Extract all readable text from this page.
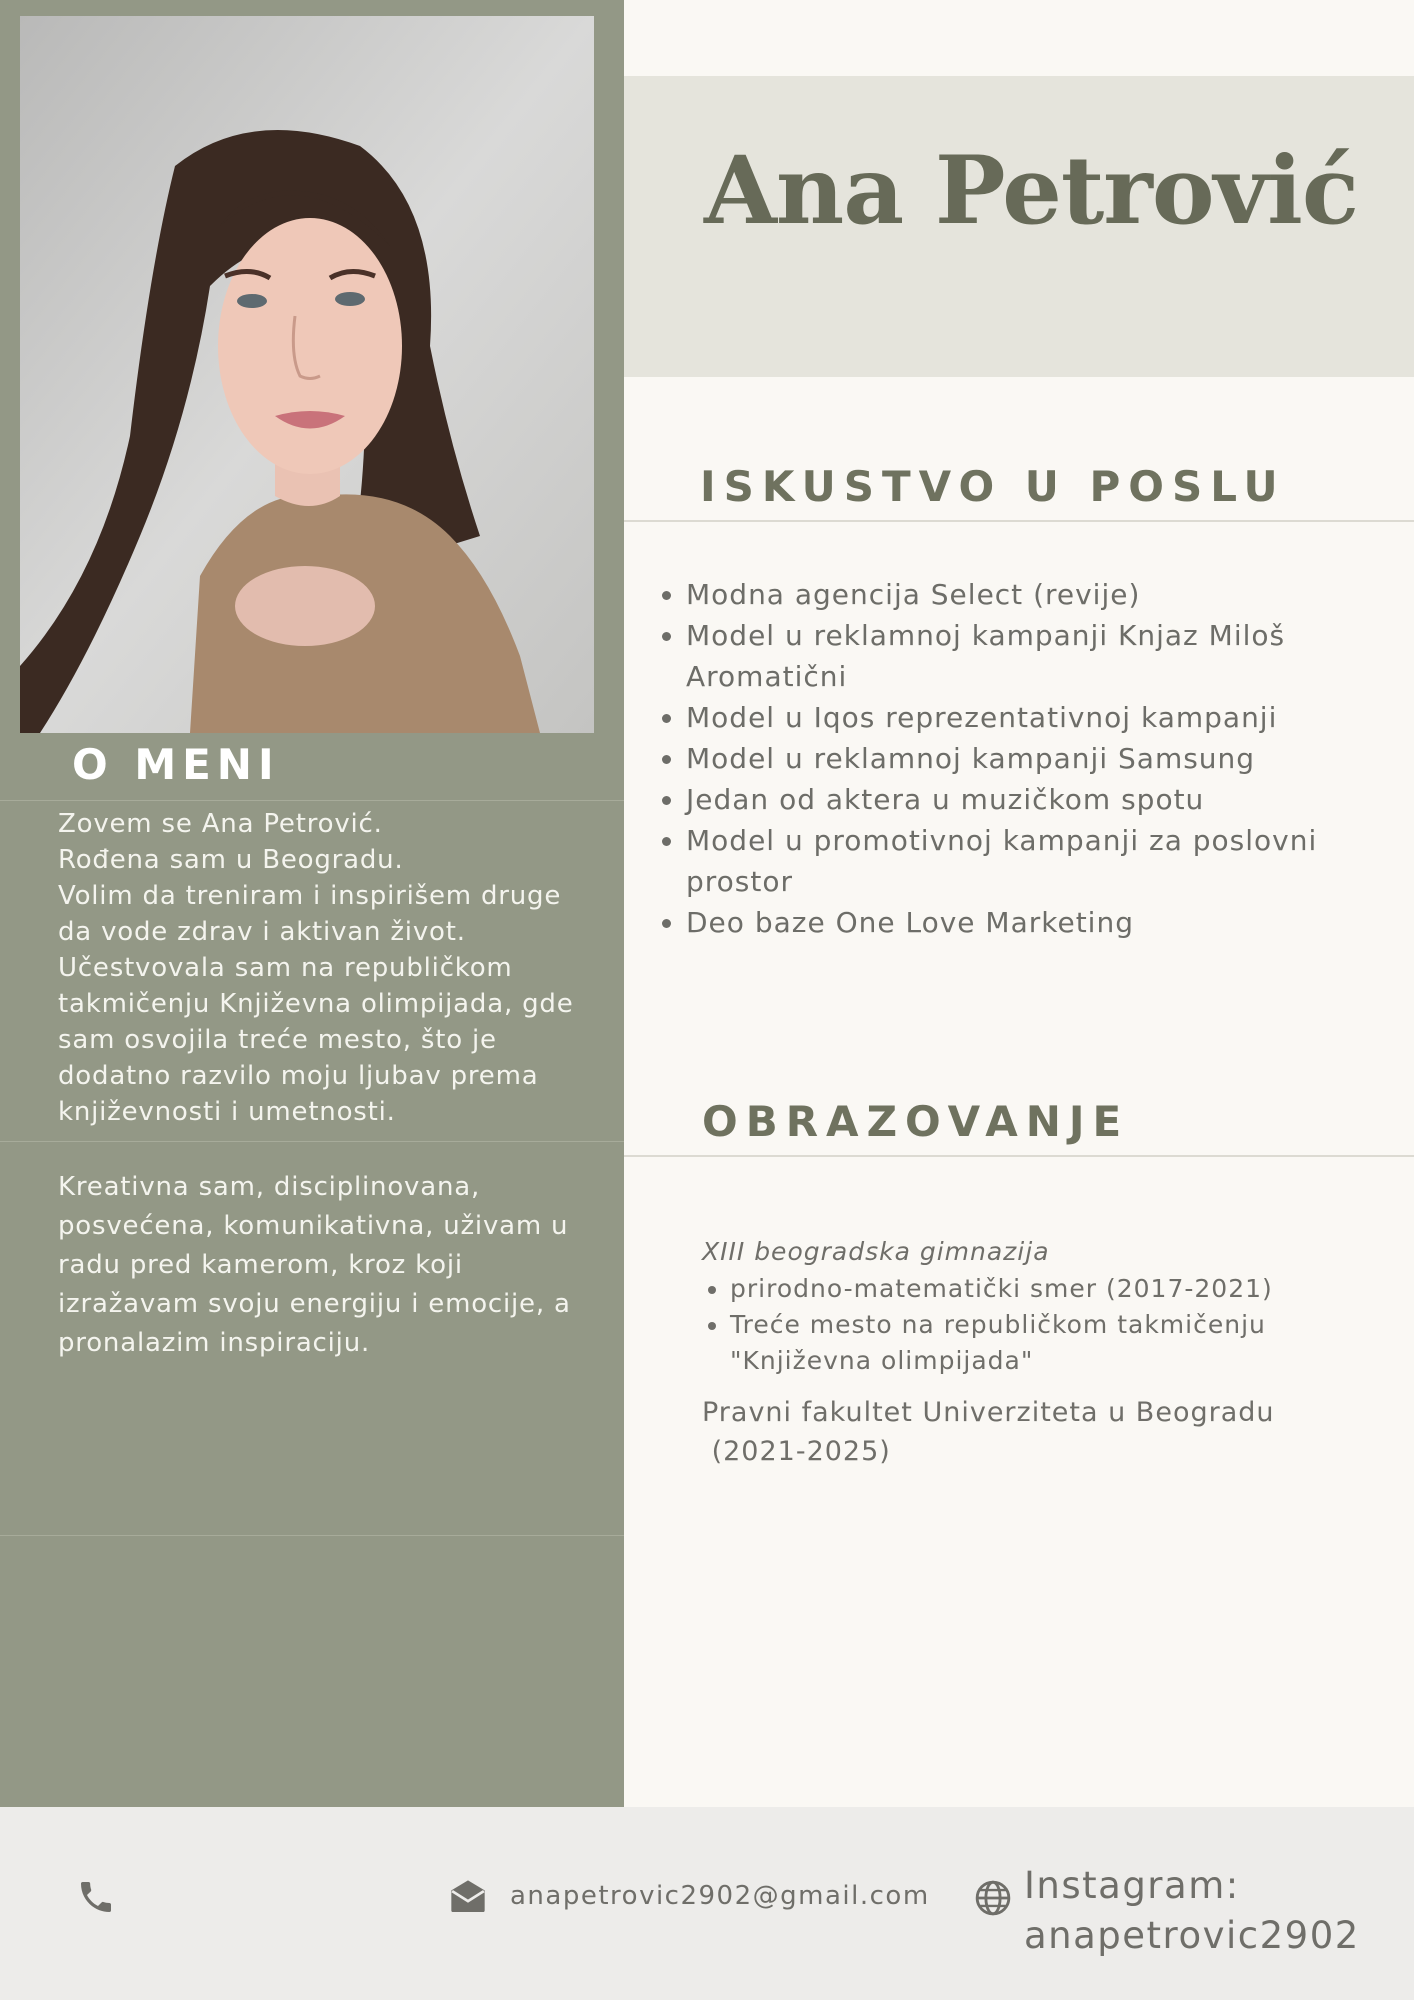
O MENI

Zovem se Ana Petrović.

Rođena sam u Beogradu.

Volim da treniram i inspirišem druge

da vode zdrav i aktivan život.

Učestvovala sam na republičkom

takmičenju Književna olimpijada, gde

sam osvojila treće mesto, što je

dodatno razvilo moju ljubav prema

književnosti i umetnosti.

Kreativna sam, disciplinovana,

posvećena, komunikativna, uživam u

radu pred kamerom, kroz koji

izražavam svoju energiju i emocije, a

pronalazim inspiraciju.

Ana Petrović
ISKUSTVO U POSLU
• Modna agencija Select (revije)
• Model u reklamnoj kampanji Knjaz Miloš Aromatični
• Model u Iqos reprezentativnoj kampanji
• Model u reklamnoj kampanji Samsung
• Jedan od aktera u muzičkom spotu
• Model u promotivnoj kampanji za poslovni prostor
• Deo baze One Love Marketing
OBRAZOVANJE

XIII beogradska gimnazija

• prirodno-matematički smer (2017-2021)
• Treće mesto na republičkom takmičenju "Književna olimpijada"

Pravni fakultet Univerziteta u Beogradu
(2021-2025)

anapetrovic2902@gmail.com	Instagram:

anapetrovic2902
